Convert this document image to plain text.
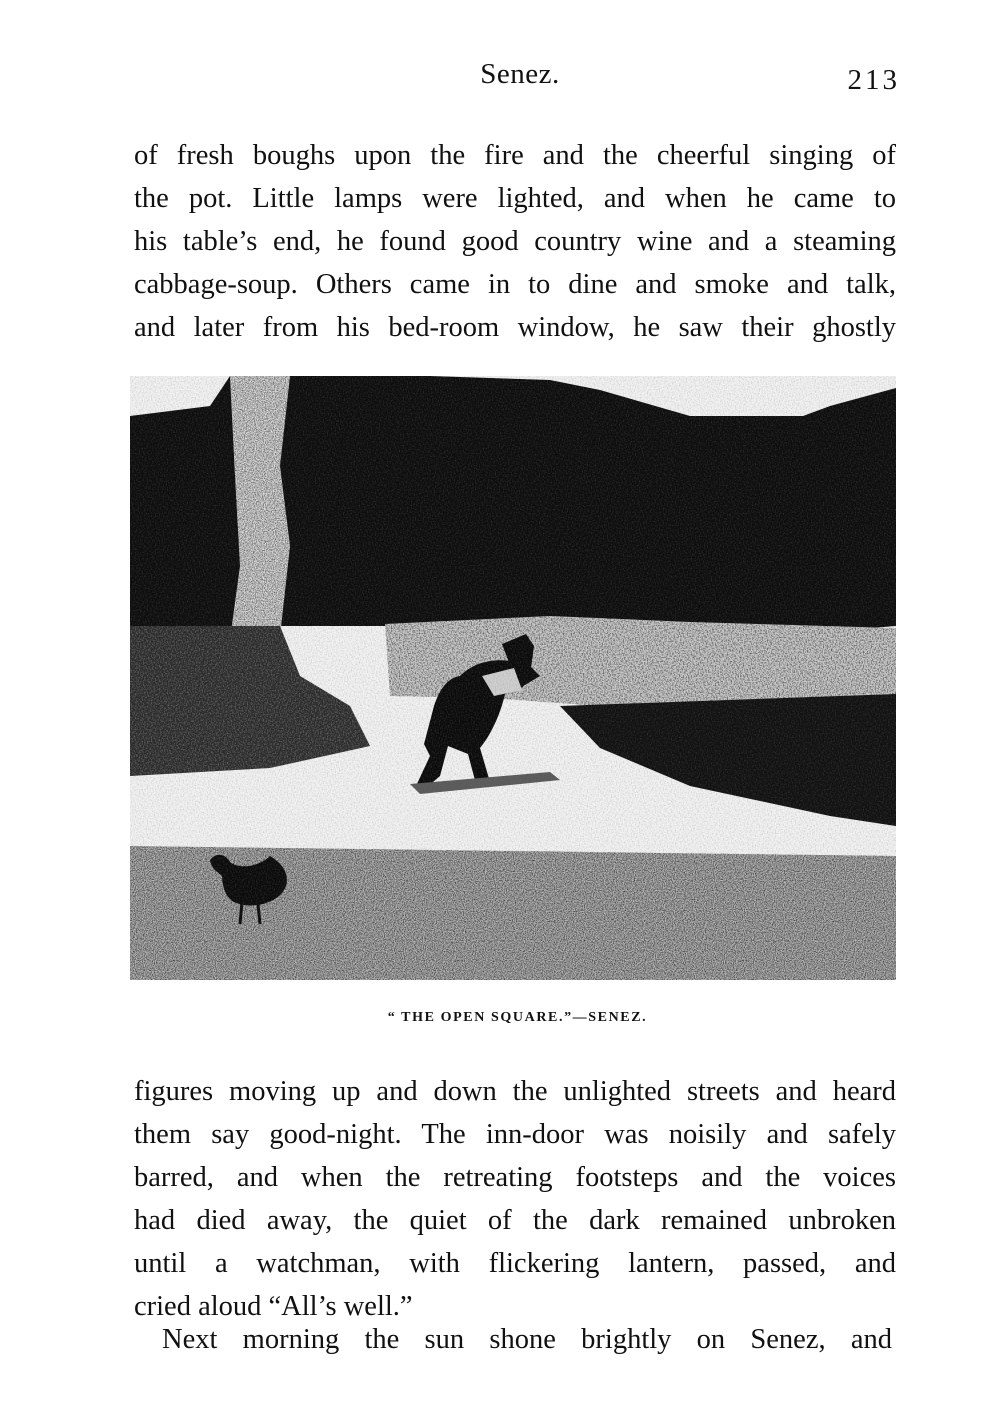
Senez.	213
of fresh boughs upon the fire and the cheerful singing of
the pot. Little lamps were lighted, and when he came to
his table’s end, he found good country wine and a steaming
cabbage-soup. Others came in to dine and smoke and talk,
and later from his bed-room window, he saw their ghostly
“ THE OPEN SQUARE.”—SENEZ.
figures moving up and down the unlighted streets and heard
them say good-night. The inn-door was noisily and safely
barred, and when the retreating footsteps and the voices
had died away, the quiet of the dark remained unbroken
until a watchman, with flickering lantern, passed, and
cried aloud “All’s well.”
Next morning the sun shone brightly on Senez, and
